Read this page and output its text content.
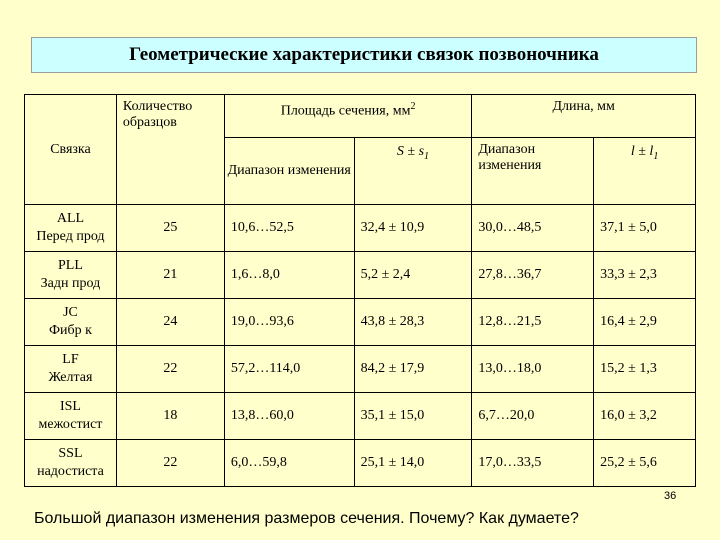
Геометрические характеристики связок позвоночника
Связка	Количество образцов	Площадь сечения, $мм^2$		Длина, мм	
		Диапазон изменения	$S \pm s_1$	Диапазон изменения	$l \pm l_1$

ALL
Перед прод	25	10,6…52,5	32,4 ± 10,9	30,0…48,5	37,1 ± 5,0

PLL
Задн прод	21	1,6…8,0	5,2 ± 2,4	27,8…36,7	33,3 ± 2,3

JC
Фибр к	24	19,0…93,6	43,8 ± 28,3	12,8…21,5	16,4 ± 2,9

LF
Желтая	22	57,2…114,0	84,2 ± 17,9	13,0…18,0	15,2 ± 1,3

ISL
межостист	18	13,8…60,0	35,1 ± 15,0	6,7…20,0	16,0 ± 3,2

SSL
надостиста	22	6,0…59,8	25,1 ± 14,0	17,0…33,5	25,2 ± 5,6
36
Большой диапазон изменения размеров сечения. Почему? Как думаете?
